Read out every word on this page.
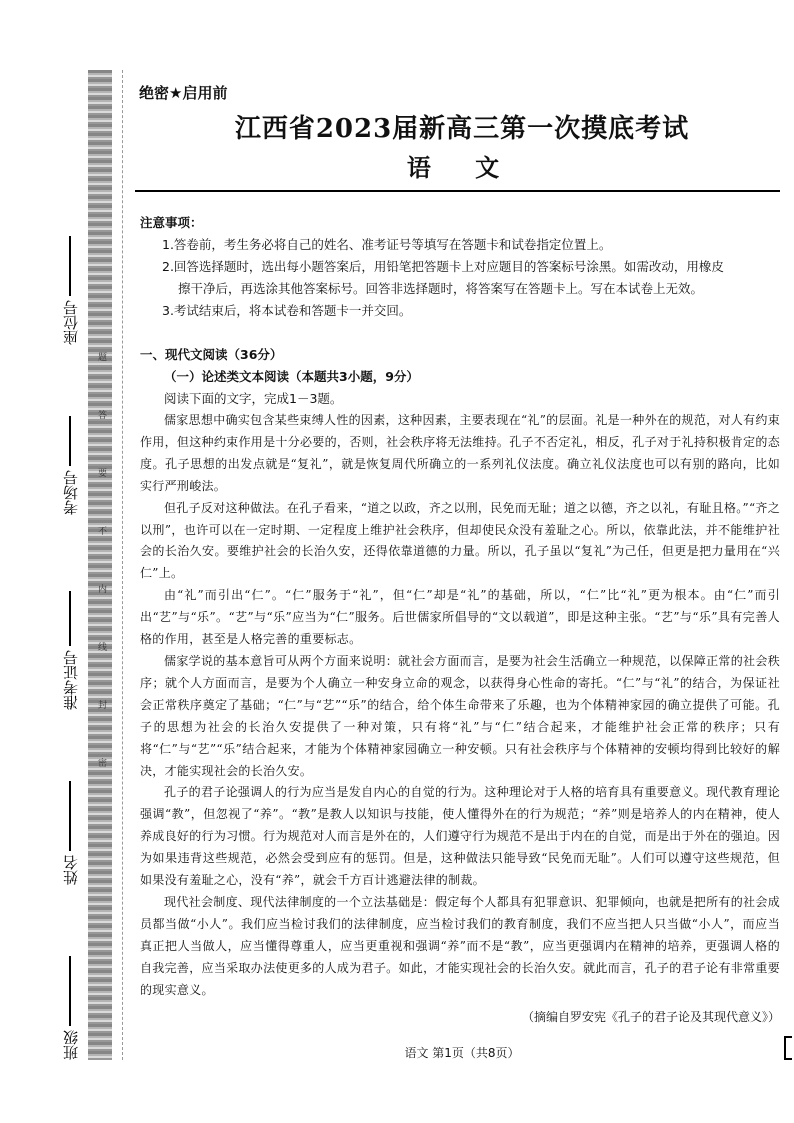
座位号
考场号
准考证号
姓名
班级
题
答
要
不
内
线
封
密
绝密★启用前
江西省2023届新高三第一次摸底考试
语 文
注意事项：
1.答卷前，考生务必将自己的姓名、准考证号等填写在答题卡和试卷指定位置上。
2.回答选择题时，选出每小题答案后，用铅笔把答题卡上对应题目的答案标号涂黑。如需改动，用橡皮
擦干净后，再选涂其他答案标号。回答非选择题时，将答案写在答题卡上。写在本试卷上无效。
3.考试结束后，将本试卷和答题卡一并交回。
一、现代文阅读（36分）
（一）论述类文本阅读（本题共3小题，9分）
阅读下面的文字，完成1－3题。

儒家思想中确实包含某些束缚人性的因素，这种因素，主要表现在“礼”的层面。礼是一种外在的规范，对人有约束作用，但这种约束作用是十分必要的，否则，社会秩序将无法维持。孔子不否定礼，相反，孔子对于礼持积极肯定的态度。孔子思想的出发点就是“复礼”，就是恢复周代所确立的一系列礼仪法度。确立礼仪法度也可以有别的路向，比如实行严刑峻法。

但孔子反对这种做法。在孔子看来，“道之以政，齐之以刑，民免而无耻；道之以德，齐之以礼，有耻且格。”“齐之以刑”，也许可以在一定时期、一定程度上维护社会秩序，但却使民众没有羞耻之心。所以，依靠此法，并不能维护社会的长治久安。要维护社会的长治久安，还得依靠道德的力量。所以，孔子虽以“复礼”为己任，但更是把力量用在“兴仁”上。

由“礼”而引出“仁”。“仁”服务于“礼”，但“仁”却是“礼”的基础，所以，“仁”比“礼”更为根本。由“仁”而引出“艺”与“乐”。“艺”与“乐”应当为“仁”服务。后世儒家所倡导的“文以载道”，即是这种主张。“艺”与“乐”具有完善人格的作用，甚至是人格完善的重要标志。

儒家学说的基本意旨可从两个方面来说明：就社会方面而言，是要为社会生活确立一种规范，以保障正常的社会秩序；就个人方面而言，是要为个人确立一种安身立命的观念，以获得身心性命的寄托。“仁”与“礼”的结合，为保证社会正常秩序奠定了基础；“仁”与“艺”“乐”的结合，给个体生命带来了乐趣，也为个体精神家园的确立提供了可能。孔子的思想为社会的长治久安提供了一种对策，只有将“礼”与“仁”结合起来，才能维护社会正常的秩序；只有将“仁”与“艺”“乐”结合起来，才能为个体精神家园确立一种安顿。只有社会秩序与个体精神的安顿均得到比较好的解决，才能实现社会的长治久安。

孔子的君子论强调人的行为应当是发自内心的自觉的行为。这种理论对于人格的培育具有重要意义。现代教育理论强调“教”，但忽视了“养”。“教”是教人以知识与技能，使人懂得外在的行为规范；“养”则是培养人的内在精神，使人养成良好的行为习惯。行为规范对人而言是外在的，人们遵守行为规范不是出于内在的自觉，而是出于外在的强迫。因为如果违背这些规范，必然会受到应有的惩罚。但是，这种做法只能导致“民免而无耻”。人们可以遵守这些规范，但如果没有羞耻之心，没有“养”，就会千方百计逃避法律的制裁。

现代社会制度、现代法律制度的一个立法基础是：假定每个人都具有犯罪意识、犯罪倾向，也就是把所有的社会成员都当做“小人”。我们应当检讨我们的法律制度，应当检讨我们的教育制度，我们不应当把人只当做“小人”，而应当真正把人当做人，应当懂得尊重人，应当更重视和强调“养”而不是“教”，应当更强调内在精神的培养，更强调人格的自我完善，应当采取办法使更多的人成为君子。如此，才能实现社会的长治久安。就此而言，孔子的君子论有非常重要的现实意义。

（摘编自罗安宪《孔子的君子论及其现代意义》）
语文 第1页（共8页）
